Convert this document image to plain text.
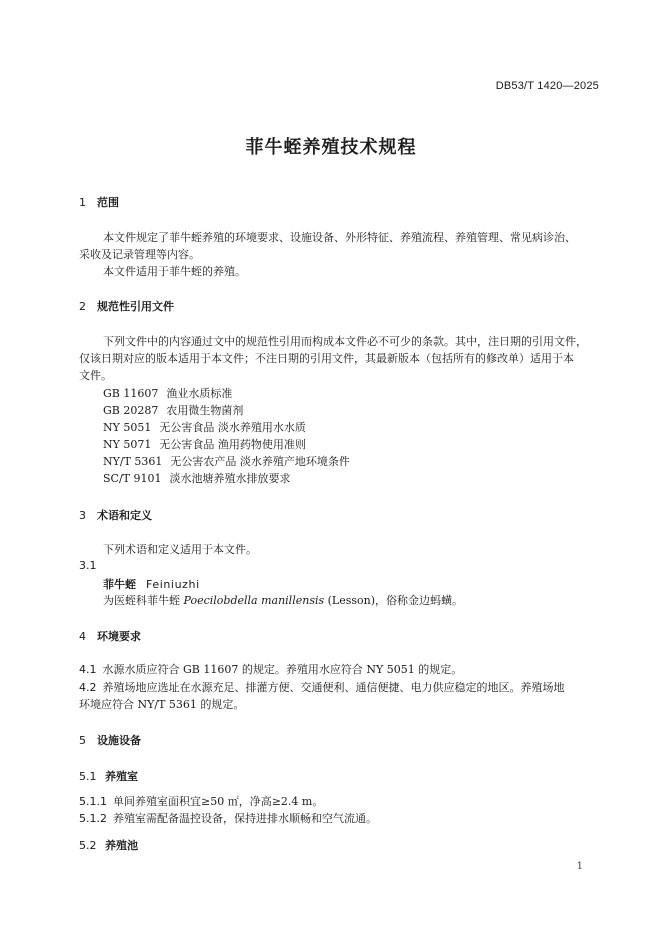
DB53/T 1420—2025
菲牛蛭养殖技术规程
1 范围
本文件规定了菲牛蛭养殖的环境要求、设施设备、外形特征、养殖流程、养殖管理、常见病诊治、
采收及记录管理等内容。
本文件适用于菲牛蛭的养殖。
2 规范性引用文件
下列文件中的内容通过文中的规范性引用而构成本文件必不可少的条款。其中，注日期的引用文件，
仅该日期对应的版本适用于本文件；不注日期的引用文件，其最新版本（包括所有的修改单）适用于本
文件。
GB 11607 渔业水质标准
GB 20287 农用微生物菌剂
NY 5051 无公害食品 淡水养殖用水水质
NY 5071 无公害食品 渔用药物使用准则
NY/T 5361 无公害农产品 淡水养殖产地环境条件
SC/T 9101 淡水池塘养殖水排放要求
3 术语和定义
下列术语和定义适用于本文件。
3.1
菲牛蛭 Feiniuzhi
为医蛭科菲牛蛭 Poecilobdella manillensis (Lesson)，俗称金边蚂蟥。
4 环境要求
4.1 水源水质应符合 GB 11607 的规定。养殖用水应符合 NY 5051 的规定。
4.2 养殖场地应选址在水源充足、排灌方便、交通便利、通信便捷、电力供应稳定的地区。养殖场地
环境应符合 NY/T 5361 的规定。
5 设施设备
5.1 养殖室
5.1.1 单间养殖室面积宜≥50 ㎡，净高≥2.4 m。
5.1.2 养殖室需配备温控设备，保持进排水顺畅和空气流通。
5.2 养殖池
1
